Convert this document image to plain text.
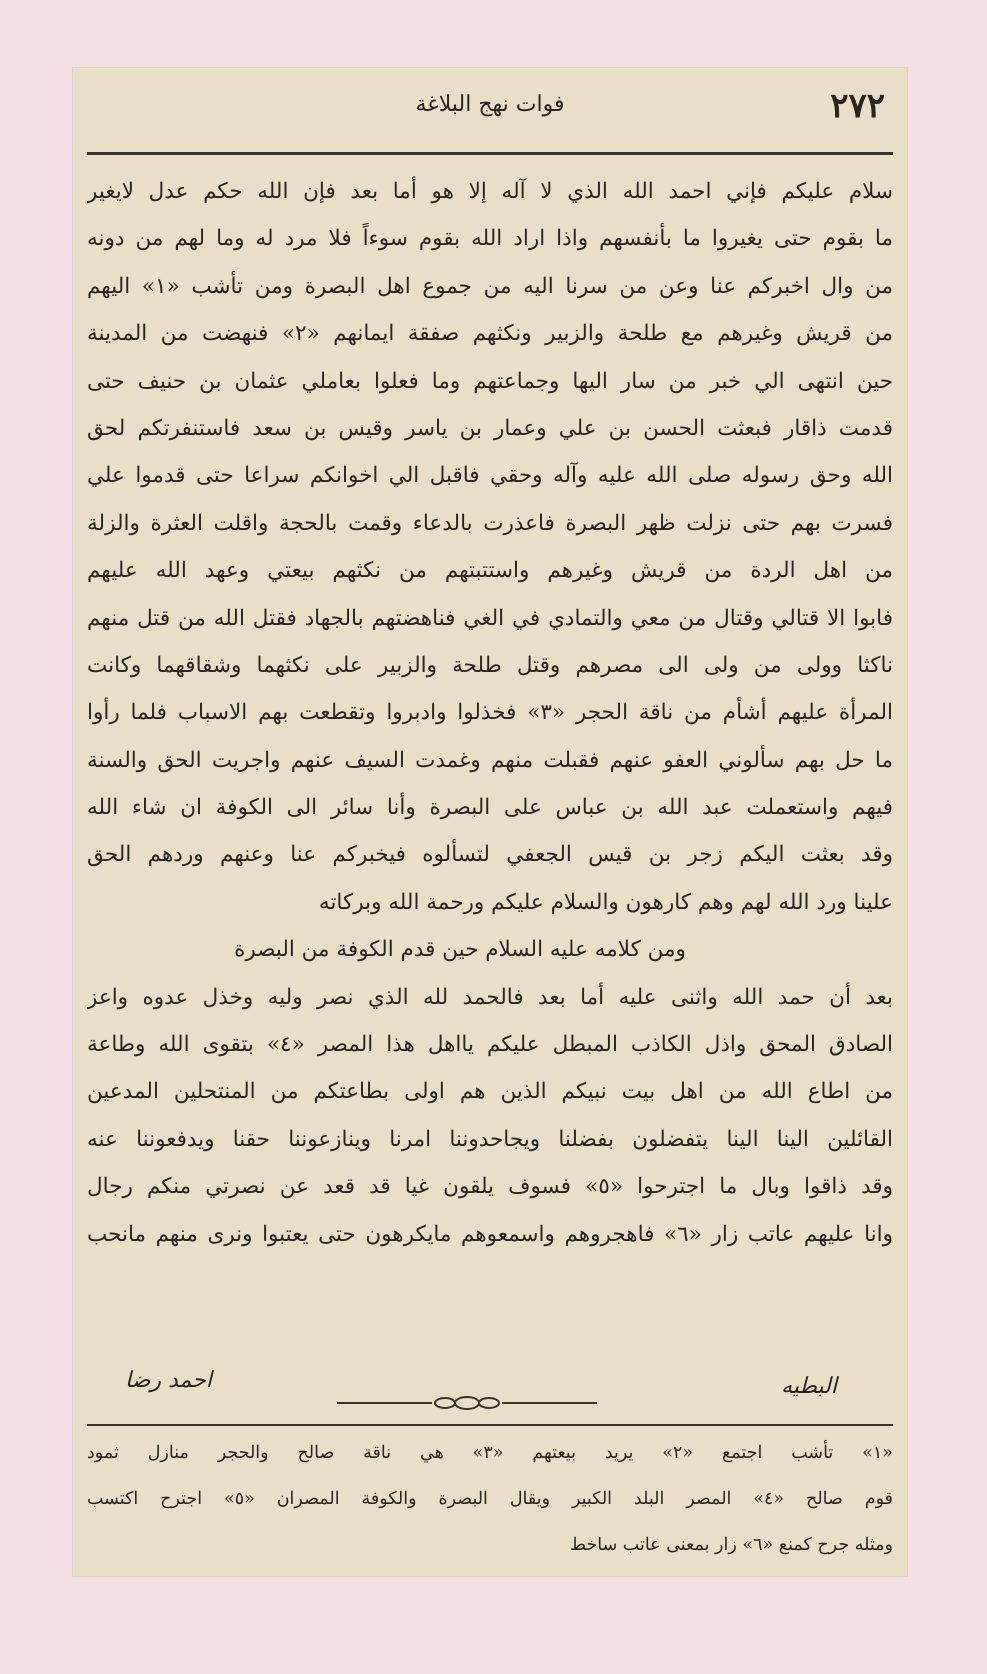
٢٧٢
فوات نهج البلاغة
سلام عليكم فإني احمد الله الذي لا آله إلا هو أما بعد فإن الله حكم عدل لايغير
ما بقوم حتى يغيروا ما بأنفسهم واذا اراد الله بقوم سوءاً فلا مرد له وما لهم من دونه
من وال اخبركم عنا وعن من سرنا اليه من جموع اهل البصرة ومن تأشب «١» اليهم
من قريش وغيرهم مع طلحة والزبير ونكثهم صفقة ايمانهم «٢» فنهضت من المدينة
حين انتهى الي خبر من سار اليها وجماعتهم وما فعلوا بعاملي عثمان بن حنيف حتى
قدمت ذاقار فبعثت الحسن بن علي وعمار بن ياسر وقيس بن سعد فاستنفرتكم لحق
الله وحق رسوله صلى الله عليه وآله وحقي فاقبل الي اخوانكم سراعا حتى قدموا علي
فسرت بهم حتى نزلت ظهر البصرة فاعذرت بالدعاء وقمت بالحجة واقلت العثرة والزلة
من اهل الردة من قريش وغيرهم واستتبتهم من نكثهم بيعتي وعهد الله عليهم
فابوا الا قتالي وقتال من معي والتمادي في الغي فناهضتهم بالجهاد فقتل الله من قتل منهم
ناكثا وولى من ولى الى مصرهم وقتل طلحة والزبير على نكثهما وشقاقهما وكانت
المرأة عليهم أشأم من ناقة الحجر «٣» فخذلوا وادبروا وتقطعت بهم الاسباب فلما رأوا
ما حل بهم سألوني العفو عنهم فقبلت منهم وغمدت السيف عنهم واجريت الحق والسنة
فيهم واستعملت عبد الله بن عباس على البصرة وأنا سائر الى الكوفة ان شاء الله
وقد بعثت اليكم زجر بن قيس الجعفي لتسألوه فيخبركم عنا وعنهم وردهم الحق
علينا ورد الله لهم وهم كارهون والسلام عليكم ورحمة الله وبركاته
ومن كلامه عليه السلام حين قدم الكوفة من البصرة
بعد أن حمد الله واثنى عليه أما بعد فالحمد لله الذي نصر وليه وخذل عدوه واعز
الصادق المحق واذل الكاذب المبطل عليكم يااهل هذا المصر «٤» بتقوى الله وطاعة
من اطاع الله من اهل بيت نبيكم الذين هم اولى بطاعتكم من المنتحلين المدعين
القائلين الينا الينا يتفضلون بفضلنا ويجاحدوننا امرنا وينازعوننا حقنا ويدفعوننا عنه
وقد ذاقوا وبال ما اجترحوا «٥» فسوف يلقون غيا قد قعد عن نصرتي منكم رجال
وانا عليهم عاتب زار «٦» فاهجروهم واسمعوهم مايكرهون حتى يعتبوا ونرى منهم مانحب
البطيه
احمد رضا
«١» تأشب اجتمع «٢» يريد بيعتهم «٣» هي ناقة صالح والحجر منازل ثمود
قوم صالح «٤» المصر البلد الكبير ويقال البصرة والكوفة المصران «٥» اجترح اكتسب
ومثله جرح كمنع «٦» زار بمعنى عاتب ساخط
